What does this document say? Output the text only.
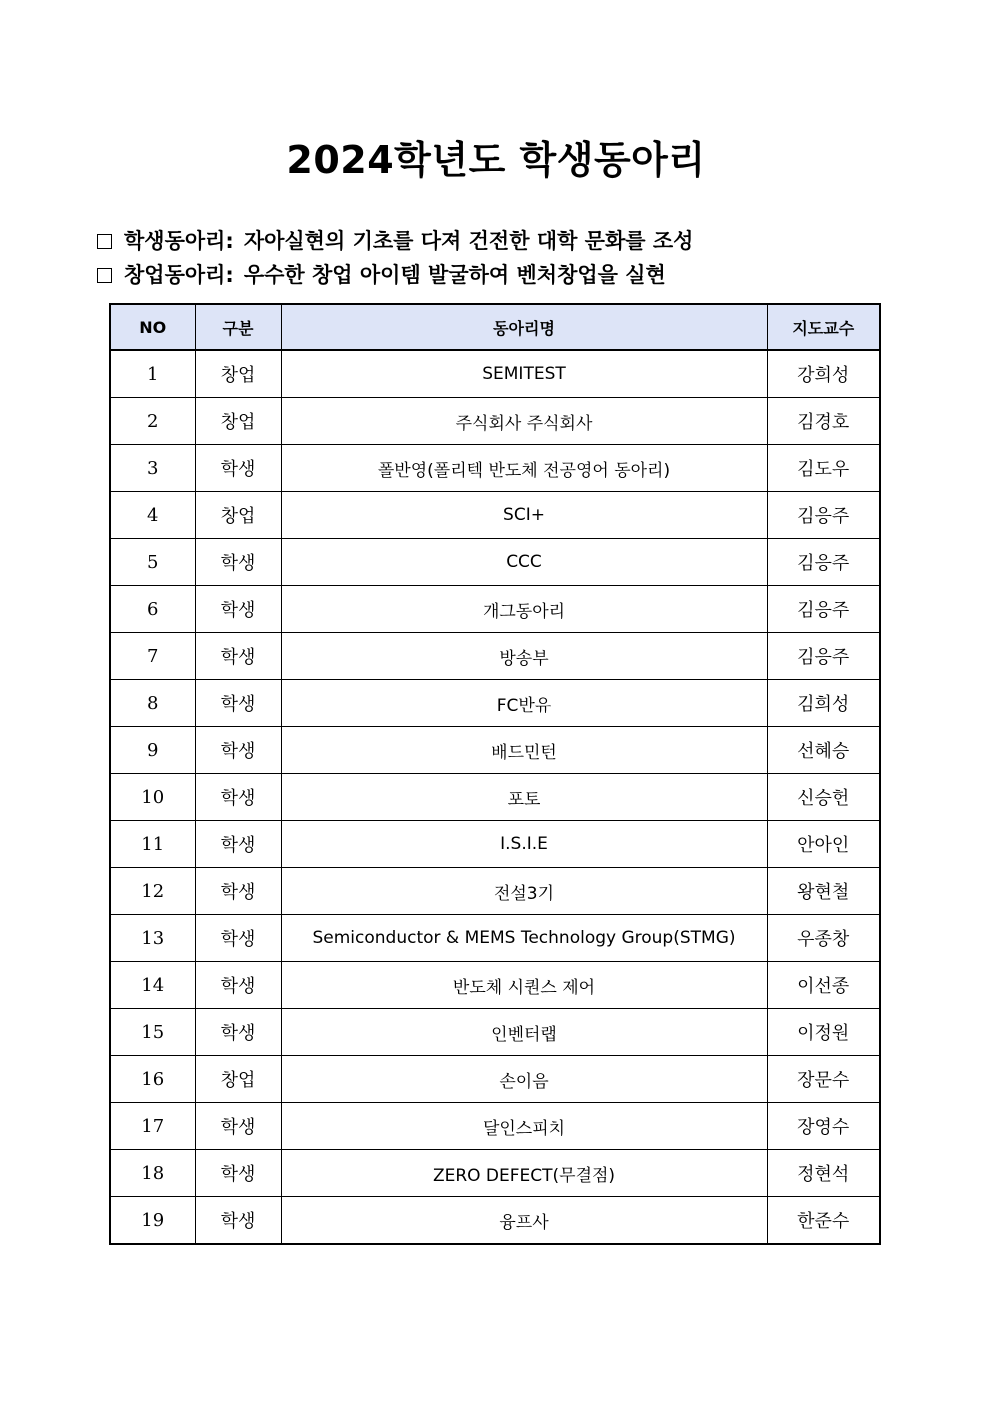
2024학년도 학생동아리
학생동아리: 자아실현의 기초를 다져 건전한 대학 문화를 조성
창업동아리: 우수한 창업 아이템 발굴하여 벤처창업을 실현
NO	구분	동아리명	지도교수
1	창업	SEMITEST	강희성
2	창업	주식회사 주식회사	김경호
3	학생	폴반영(폴리텍 반도체 전공영어 동아리)	김도우
4	창업	SCI+	김응주
5	학생	CCC	김응주
6	학생	개그동아리	김응주
7	학생	방송부	김응주
8	학생	FC반유	김희성
9	학생	배드민턴	선혜승
10	학생	포토	신승헌
11	학생	I.S.I.E	안아인
12	학생	전설3기	왕현철
13	학생	Semiconductor & MEMS Technology Group(STMG)	우종창
14	학생	반도체 시퀀스 제어	이선종
15	학생	인벤터랩	이정원
16	창업	손이음	장문수
17	학생	달인스피치	장영수
18	학생	ZERO DEFECT(무결점)	정현석
19	학생	융프사	한준수
